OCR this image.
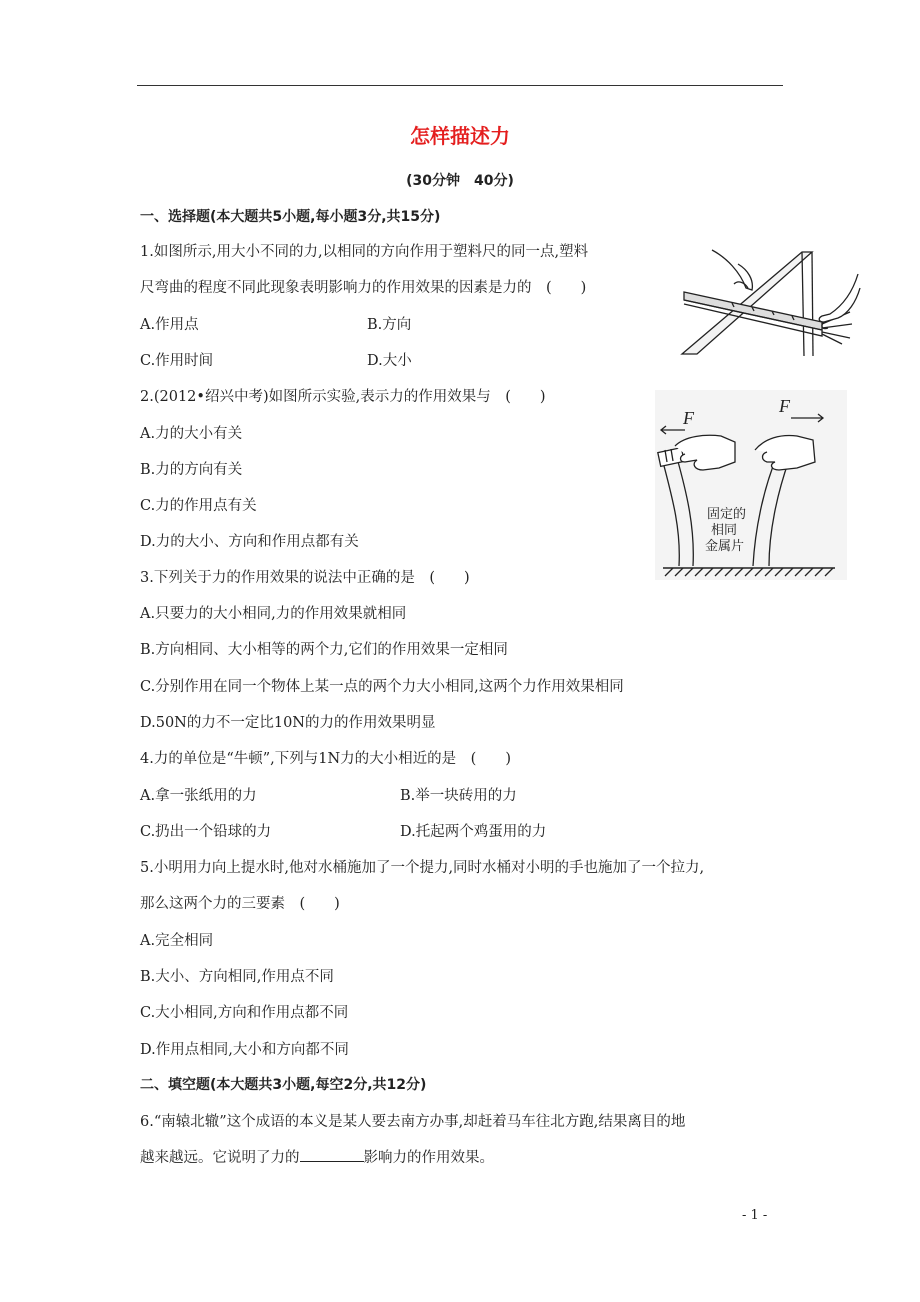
怎样描述力
(30分钟　40分)
一、选择题(本大题共5小题,每小题3分,共15分)
1.如图所示,用大小不同的力,以相同的方向作用于塑料尺的同一点,塑料
尺弯曲的程度不同此现象表明影响力的作用效果的因素是力的　(　　)
A.作用点	B.方向
C.作用时间	D.大小
2.(2012•绍兴中考)如图所示实验,表示力的作用效果与　(　　)
A.力的大小有关
B.力的方向有关
C.力的作用点有关
D.力的大小、方向和作用点都有关
F
F
固定的
相同
金属片
3.下列关于力的作用效果的说法中正确的是　(　　)
A.只要力的大小相同,力的作用效果就相同
B.方向相同、大小相等的两个力,它们的作用效果一定相同
C.分别作用在同一个物体上某一点的两个力大小相同,这两个力作用效果相同
D.50N的力不一定比10N的力的作用效果明显
4.力的单位是“牛顿”,下列与1N力的大小相近的是　(　　)
A.拿一张纸用的力	B.举一块砖用的力
C.扔出一个铅球的力	D.托起两个鸡蛋用的力
5.小明用力向上提水时,他对水桶施加了一个提力,同时水桶对小明的手也施加了一个拉力,
那么这两个力的三要素　(　　)
A.完全相同
B.大小、方向相同,作用点不同
C.大小相同,方向和作用点都不同
D.作用点相同,大小和方向都不同
二、填空题(本大题共3小题,每空2分,共12分)
6.“南辕北辙”这个成语的本义是某人要去南方办事,却赶着马车往北方跑,结果离目的地
越来越远。它说明了力的	影响力的作用效果。
- 1 -
